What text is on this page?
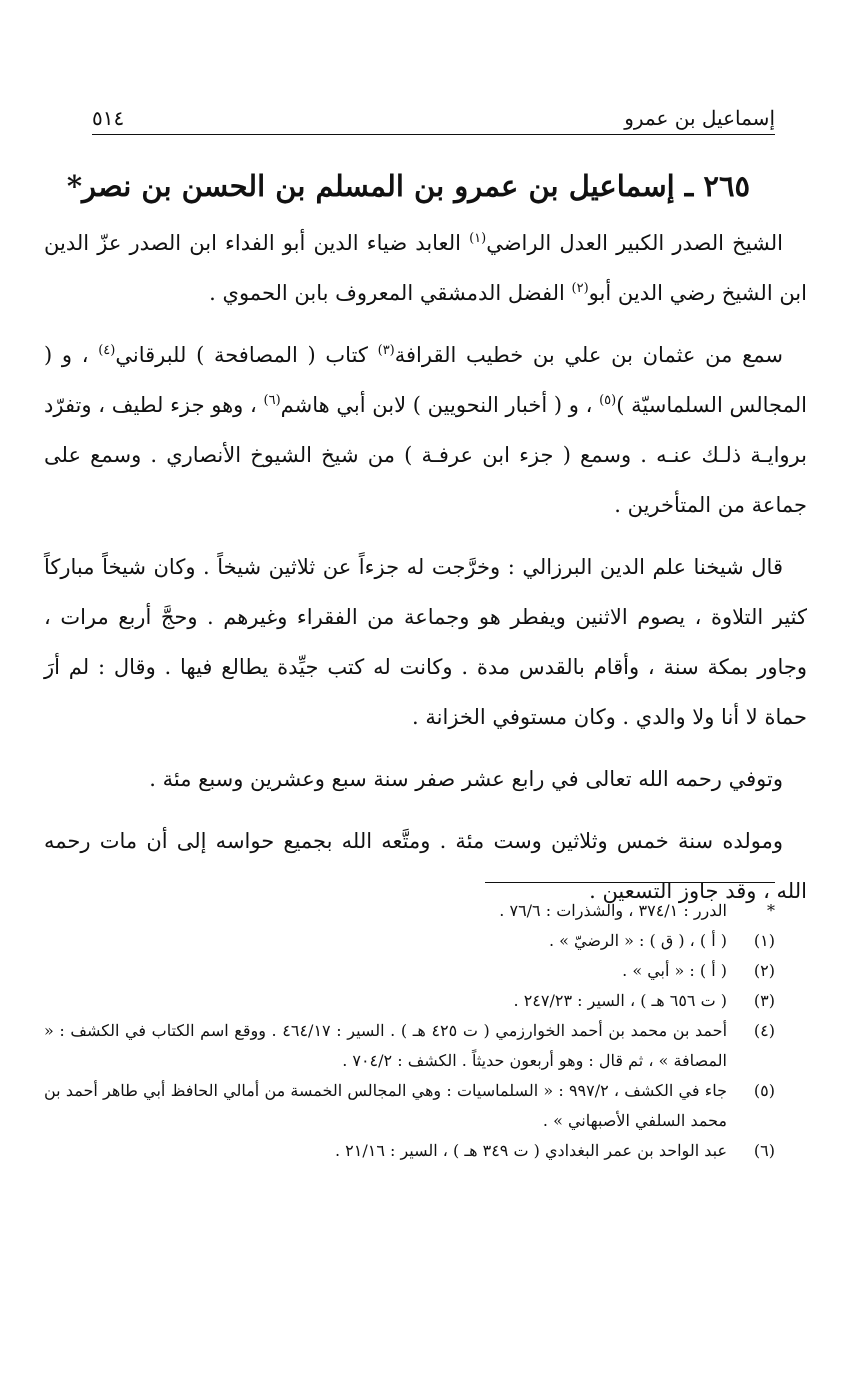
إسماعيل بن عمرو
٥١٤
٢٦٥ ـ إسماعيل بن عمرو بن المسلم بن الحسن بن نصر*

الشيخ الصدر الكبير العدل الراضي$^{(١)}$ العابد ضياء الدين أبو الفداء ابن الصدر عزّ الدين ابن الشيخ رضي الدين أبو$^{(٢)}$ الفضل الدمشقي المعروف بابن الحموي .

سمع من عثمان بن علي بن خطيب القرافة$^{(٣)}$ كتاب ( المصافحة ) للبرقاني$^{(٤)}$ ، و ( المجالس السلماسيّة )$^{(٥)}$ ، و ( أخبار النحويين ) لابن أبي هاشم$^{(٦)}$ ، وهو جزء لطيف ، وتفرّد بروايـة ذلـك عنـه . وسمع ( جزء ابن عرفـة ) من شيخ الشيوخ الأنصاري . وسمع على جماعة من المتأخرين .

قال شيخنا علم الدين البرزالي : وخرَّجت له جزءاً عن ثلاثين شيخاً . وكان شيخاً مباركاً كثير التلاوة ، يصوم الاثنين ويفطر هو وجماعة من الفقراء وغيرهم . وحجَّ أربع مرات ، وجاور بمكة سنة ، وأقام بالقدس مدة . وكانت له كتب جيِّدة يطالع فيها . وقال : لم أرَ حماة لا أنا ولا والدي . وكان مستوفي الخزانة .

وتوفي رحمه الله تعالى في رابع عشر صفر سنة سبع وعشرين وسبع مئة .

ومولده سنة خمس وثلاثين وست مئة . ومتَّعه الله بجميع حواسه إلى أن مات رحمه الله ، وقد جاوز التسعين .

*
الدرر : ٣٧٤/١ ، والشذرات : ٧٦/٦ .
(١)
( أ ) ، ( ق ) : « الرضيّ » .
(٢)
( أ ) : « أبي » .
(٣)
( ت ٦٥٦ هـ ) ، السير : ٢٤٧/٢٣ .
(٤)
أحمد بن محمد بن أحمد الخوارزمي ( ت ٤٢٥ هـ ) . السير : ٤٦٤/١٧ . ووقع اسم الكتاب في الكشف : « المصافة » ، ثم قال : وهو أربعون حديثاً . الكشف : ٧٠٤/٢ .
(٥)
جاء في الكشف ، ٩٩٧/٢ : « السلماسيات : وهي المجالس الخمسة من أمالي الحافظ أبي طاهر أحمد بن محمد السلفي الأصبهاني » .
(٦)
عبد الواحد بن عمر البغدادي ( ت ٣٤٩ هـ ) ، السير : ٢١/١٦ .
